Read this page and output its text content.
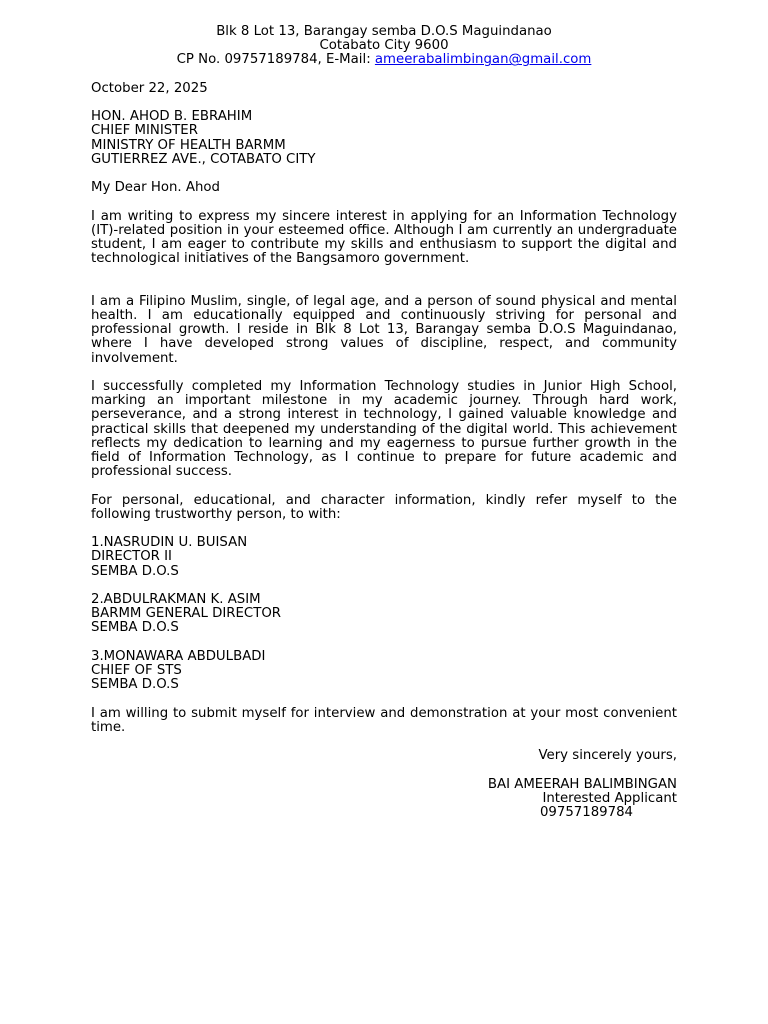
Blk 8 Lot 13, Barangay semba D.O.S Maguindanao
Cotabato City 9600
CP No. 09757189784, E-Mail: ameerabalimbingan@gmail.com
October 22, 2025
HON. AHOD B. EBRAHIM
CHIEF MINISTER
MINISTRY OF HEALTH BARMM
GUTIERREZ AVE., COTABATO CITY
My Dear Hon. Ahod
I am writing to express my sincere interest in applying for an Information Technology (IT)-related position in your esteemed office. Although I am currently an undergraduate student, I am eager to contribute my skills and enthusiasm to support the digital and technological initiatives of the Bangsamoro government.
I am a Filipino Muslim, single, of legal age, and a person of sound physical and mental health. I am educationally equipped and continuously striving for personal and professional growth. I reside in Blk 8 Lot 13, Barangay semba D.O.S Maguindanao, where I have developed strong values of discipline, respect, and community involvement.
I successfully completed my Information Technology studies in Junior High School, marking an important milestone in my academic journey. Through hard work, perseverance, and a strong interest in technology, I gained valuable knowledge and practical skills that deepened my understanding of the digital world. This achievement reflects my dedication to learning and my eagerness to pursue further growth in the field of Information Technology, as I continue to prepare for future academic and professional success.
For personal, educational, and character information, kindly refer myself to the following trustworthy person, to with:
1.NASRUDIN U. BUISAN
DIRECTOR II
SEMBA D.O.S
2.ABDULRAKMAN K. ASIM
BARMM GENERAL DIRECTOR
SEMBA D.O.S
3.MONAWARA ABDULBADI
CHIEF OF STS
SEMBA D.O.S
I am willing to submit myself for interview and demonstration at your most convenient time.
Very sincerely yours,
BAI AMEERAH BALIMBINGAN
Interested Applicant
09757189784
